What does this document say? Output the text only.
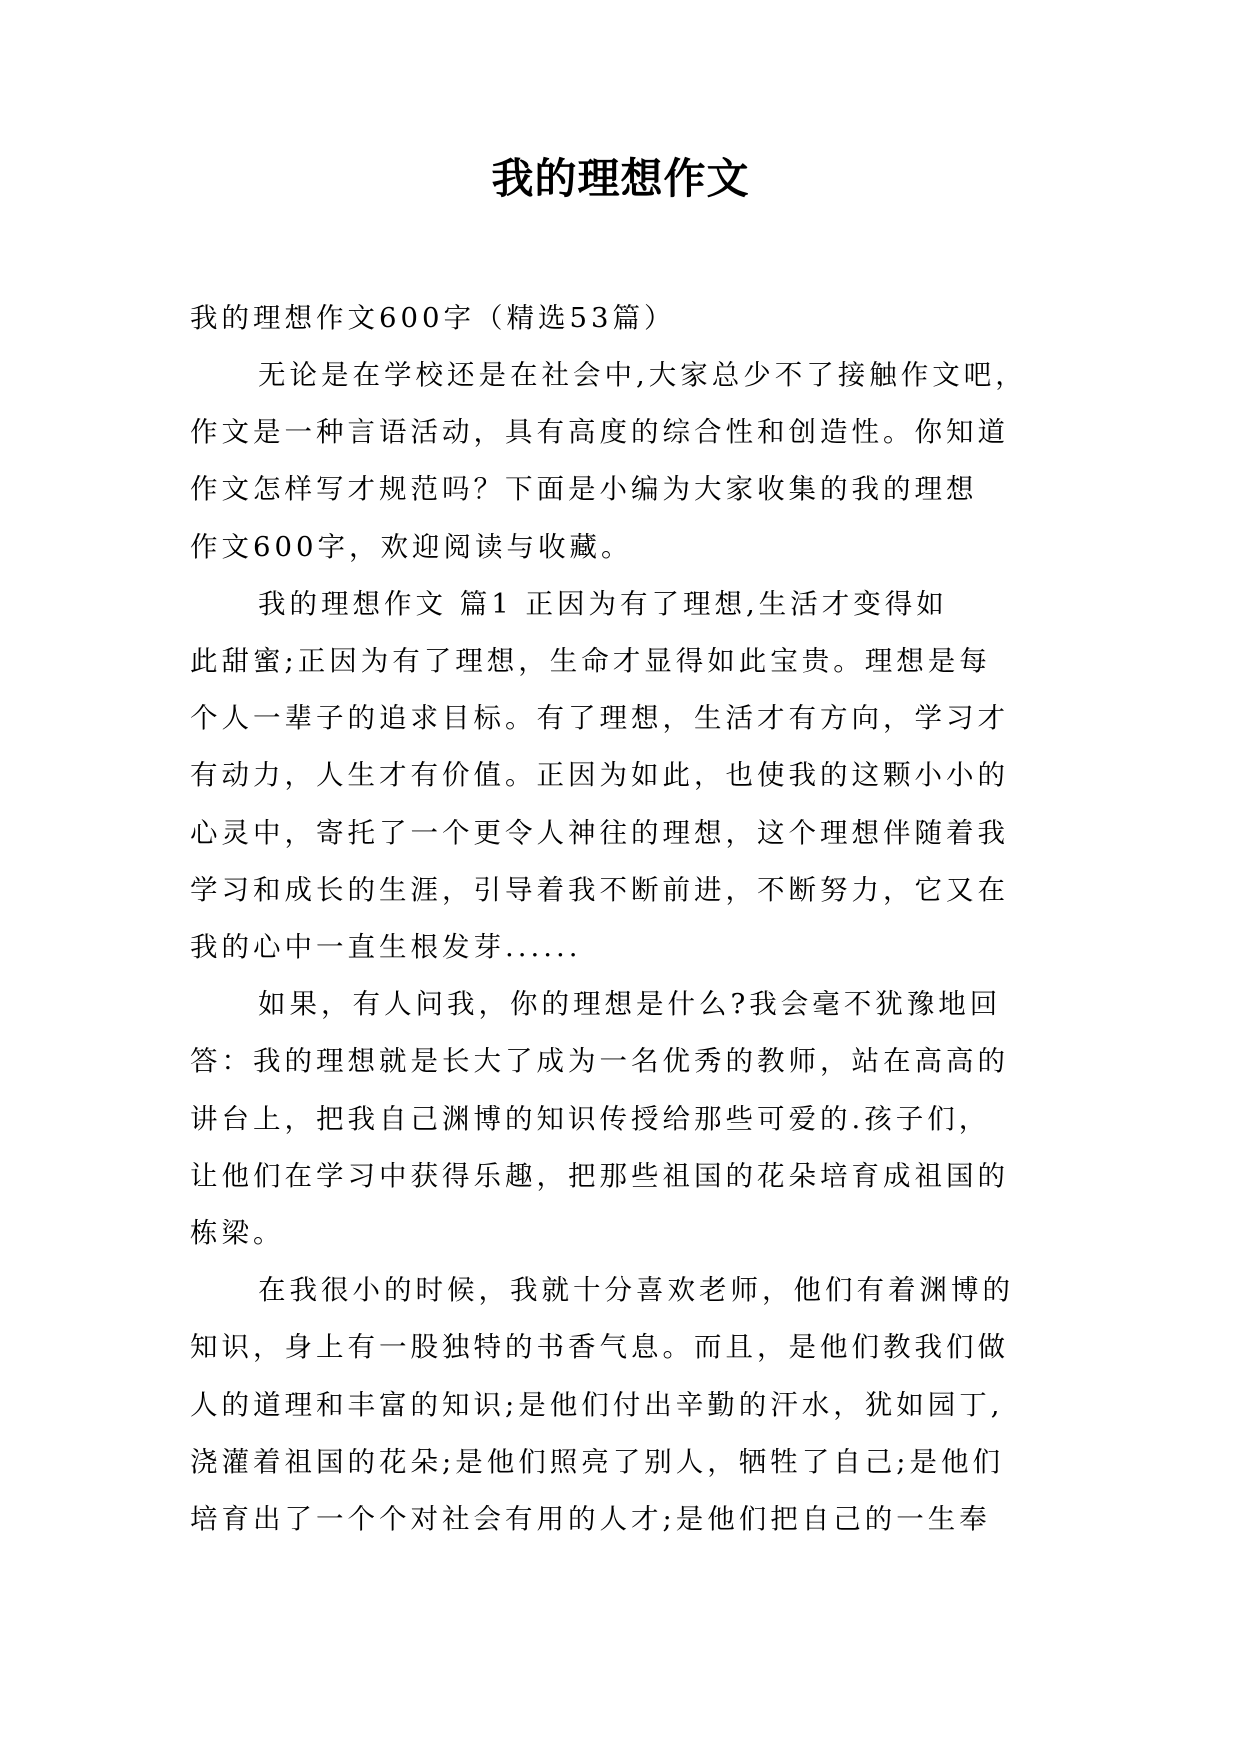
我的理想作文
我的理想作文600字（精选53篇）
无论是在学校还是在社会中,大家总少不了接触作文吧，
作文是一种言语活动，具有高度的综合性和创造性。你知道
作文怎样写才规范吗？下面是小编为大家收集的我的理想
作文600字，欢迎阅读与收藏。
我的理想作文 篇1 正因为有了理想,生活才变得如
此甜蜜;正因为有了理想，生命才显得如此宝贵。理想是每
个人一辈子的追求目标。有了理想，生活才有方向，学习才
有动力，人生才有价值。正因为如此，也使我的这颗小小的
心灵中，寄托了一个更令人神往的理想，这个理想伴随着我
学习和成长的生涯，引导着我不断前进，不断努力，它又在
我的心中一直生根发芽......
如果，有人问我，你的理想是什么?我会毫不犹豫地回
答：我的理想就是长大了成为一名优秀的教师，站在高高的
讲台上，把我自己渊博的知识传授给那些可爱的.孩子们，
让他们在学习中获得乐趣，把那些祖国的花朵培育成祖国的
栋梁。
在我很小的时候，我就十分喜欢老师，他们有着渊博的
知识，身上有一股独特的书香气息。而且，是他们教我们做
人的道理和丰富的知识;是他们付出辛勤的汗水，犹如园丁,
浇灌着祖国的花朵;是他们照亮了别人，牺牲了自己;是他们
培育出了一个个对社会有用的人才;是他们把自己的一生奉
